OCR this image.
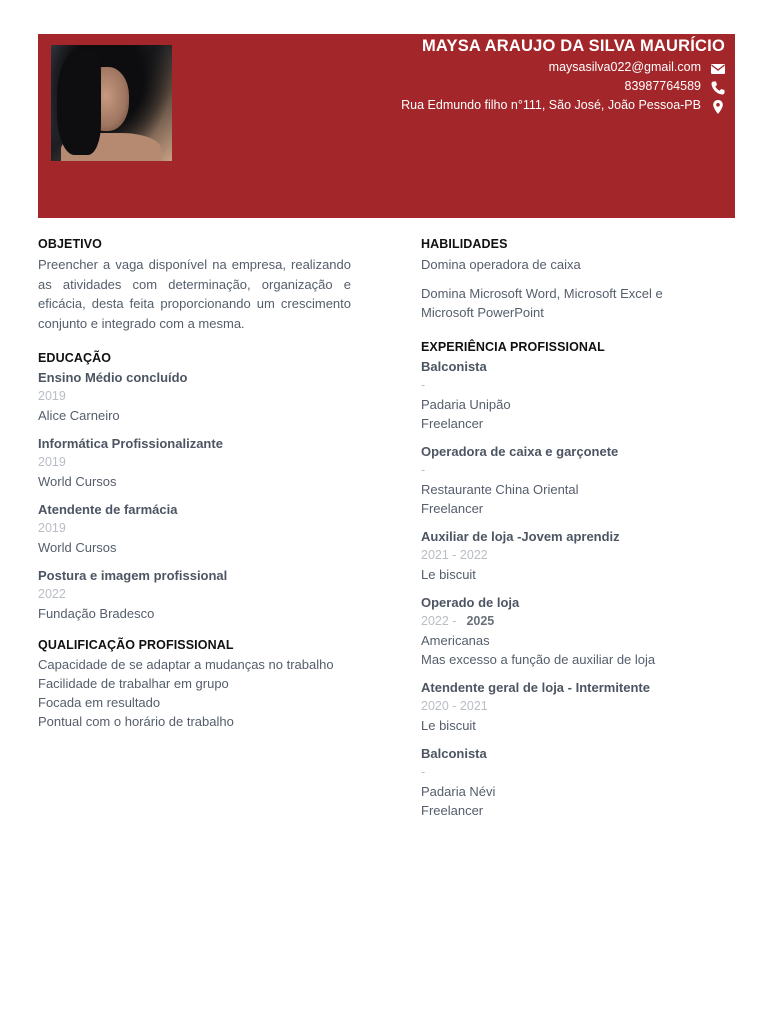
MAYSA ARAUJO DA SILVA MAURÍCIO
maysasilva022@gmail.com
83987764589
Rua Edmundo filho n°111, São José, João Pessoa-PB
OBJETIVO
Preencher a vaga disponível na empresa, realizando as atividades com determinação, organização e eficácia, desta feita proporcionando um crescimento conjunto e integrado com a mesma.
EDUCAÇÃO
Ensino Médio concluído
2019
Alice Carneiro
Informática Profissionalizante
2019
World Cursos
Atendente de farmácia
2019
World Cursos
Postura e imagem profissional
2022
Fundação Bradesco
QUALIFICAÇÃO PROFISSIONAL
Capacidade de se adaptar a mudanças no trabalho
Facilidade de trabalhar em grupo
Focada em resultado
Pontual com o horário de trabalho
HABILIDADES
Domina operadora de caixa
Domina Microsoft Word, Microsoft Excel e Microsoft PowerPoint
EXPERIÊNCIA PROFISSIONAL
Balconista
-
Padaria Unipão
Freelancer
Operadora de caixa e garçonete
-
Restaurante China Oriental
Freelancer
Auxiliar de loja -Jovem aprendiz
2021 - 2022
Le biscuit
Operado de loja
2022 - 2025
Americanas
Mas excesso a função de auxiliar de loja
Atendente geral de loja - Intermitente
2020 - 2021
Le biscuit
Balconista
-
Padaria Névi
Freelancer
